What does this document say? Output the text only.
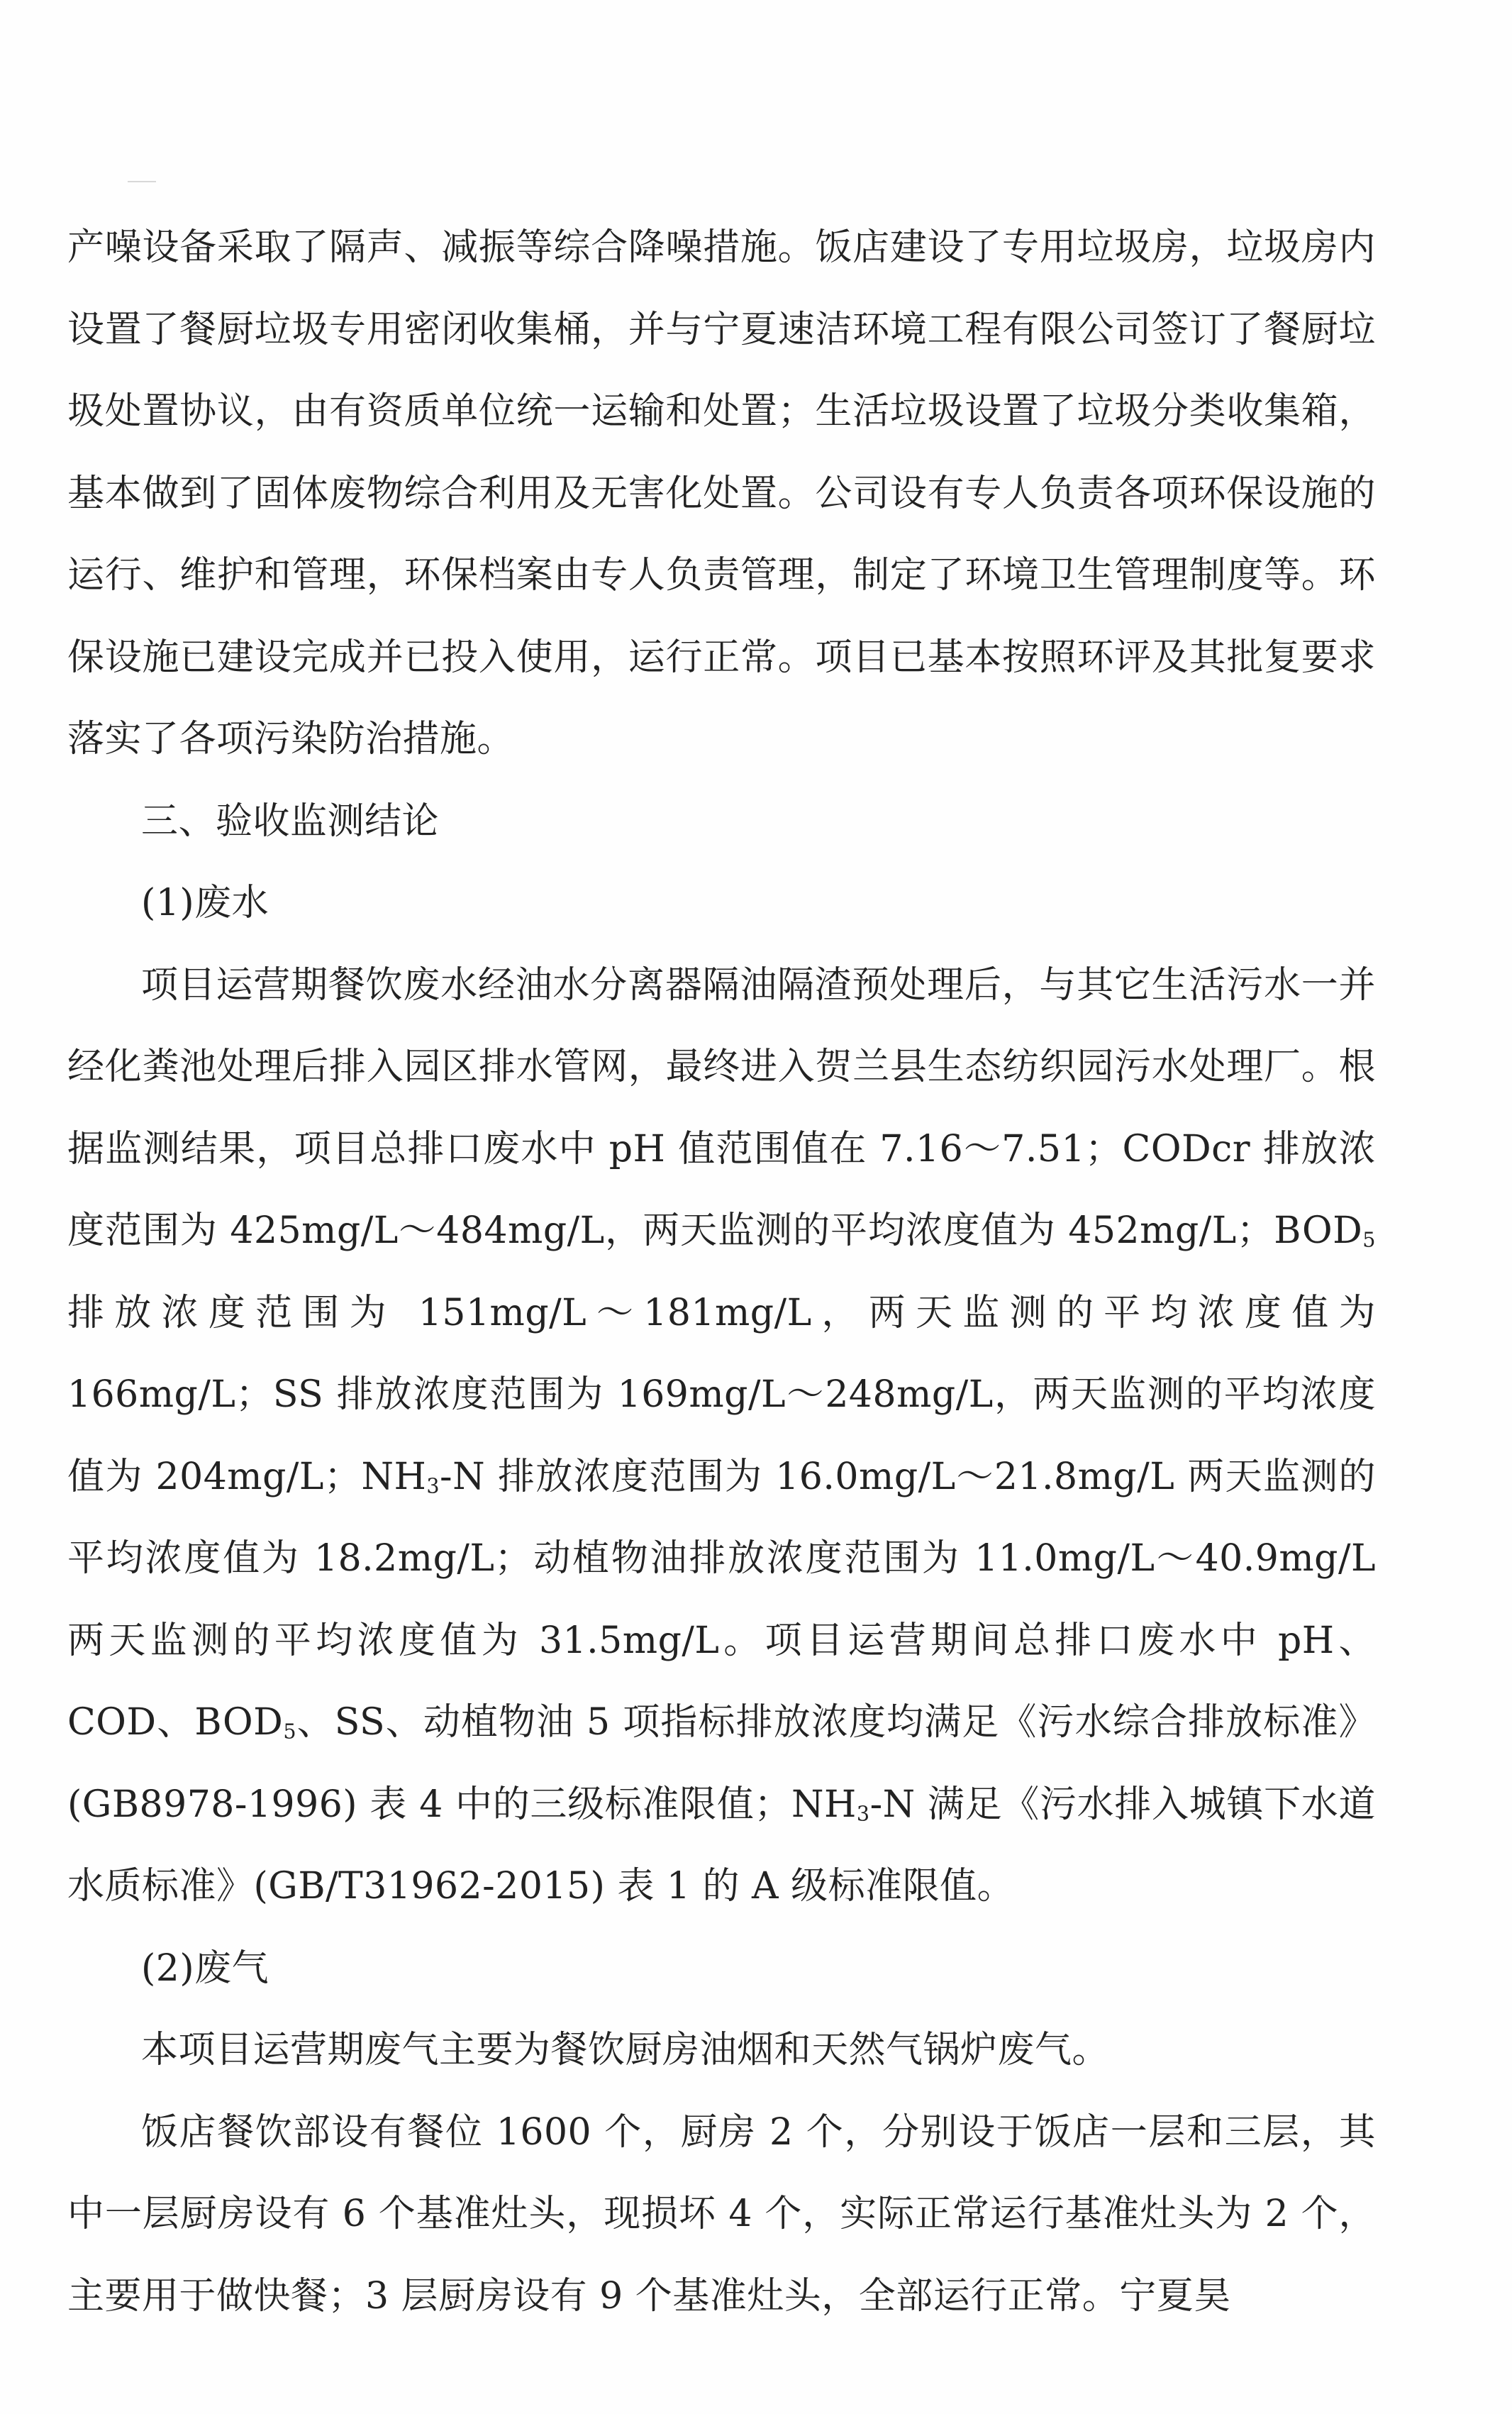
产噪设备采取了隔声、减振等综合降噪措施。饭店建设了专用垃圾房，垃圾房内设置了餐厨垃圾专用密闭收集桶，并与宁夏速洁环境工程有限公司签订了餐厨垃圾处置协议，由有资质单位统一运输和处置；生活垃圾设置了垃圾分类收集箱，基本做到了固体废物综合利用及无害化处置。公司设有专人负责各项环保设施的运行、维护和管理，环保档案由专人负责管理，制定了环境卫生管理制度等。环保设施已建设完成并已投入使用，运行正常。项目已基本按照环评及其批复要求落实了各项污染防治措施。

三、验收监测结论

(1)废水

项目运营期餐饮废水经油水分离器隔油隔渣预处理后，与其它生活污水一并经化粪池处理后排入园区排水管网，最终进入贺兰县生态纺织园污水处理厂。根据监测结果，项目总排口废水中 pH 值范围值在 7.16～7.51；CODcr 排放浓度范围为 425mg/L～484mg/L，两天监测的平均浓度值为 452mg/L；$BOD_5$排放浓度范围为 151mg/L～181mg/L，两天监测的平均浓度值为 166mg/L；SS 排放浓度范围为 169mg/L～248mg/L，两天监测的平均浓度值为 204mg/L；$NH_3-N$ 排放浓度范围为 16.0mg/L～21.8mg/L 两天监测的平均浓度值为 18.2mg/L；动植物油排放浓度范围为 11.0mg/L～40.9mg/L 两天监测的平均浓度值为 31.5mg/L。项目运营期间总排口废水中 pH、COD、$BOD_5$、SS、动植物油 5 项指标排放浓度均满足《污水综合排放标准》(GB8978-1996) 表 4 中的三级标准限值；$NH_3-N$ 满足《污水排入城镇下水道水质标准》(GB/T31962-2015) 表 1 的 A 级标准限值。

(2)废气

本项目运营期废气主要为餐饮厨房油烟和天然气锅炉废气。

饭店餐饮部设有餐位 1600 个，厨房 2 个，分别设于饭店一层和三层，其中一层厨房设有 6 个基准灶头，现损坏 4 个，实际正常运行基准灶头为 2 个，主要用于做快餐；3 层厨房设有 9 个基准灶头，全部运行正常。宁夏昊
